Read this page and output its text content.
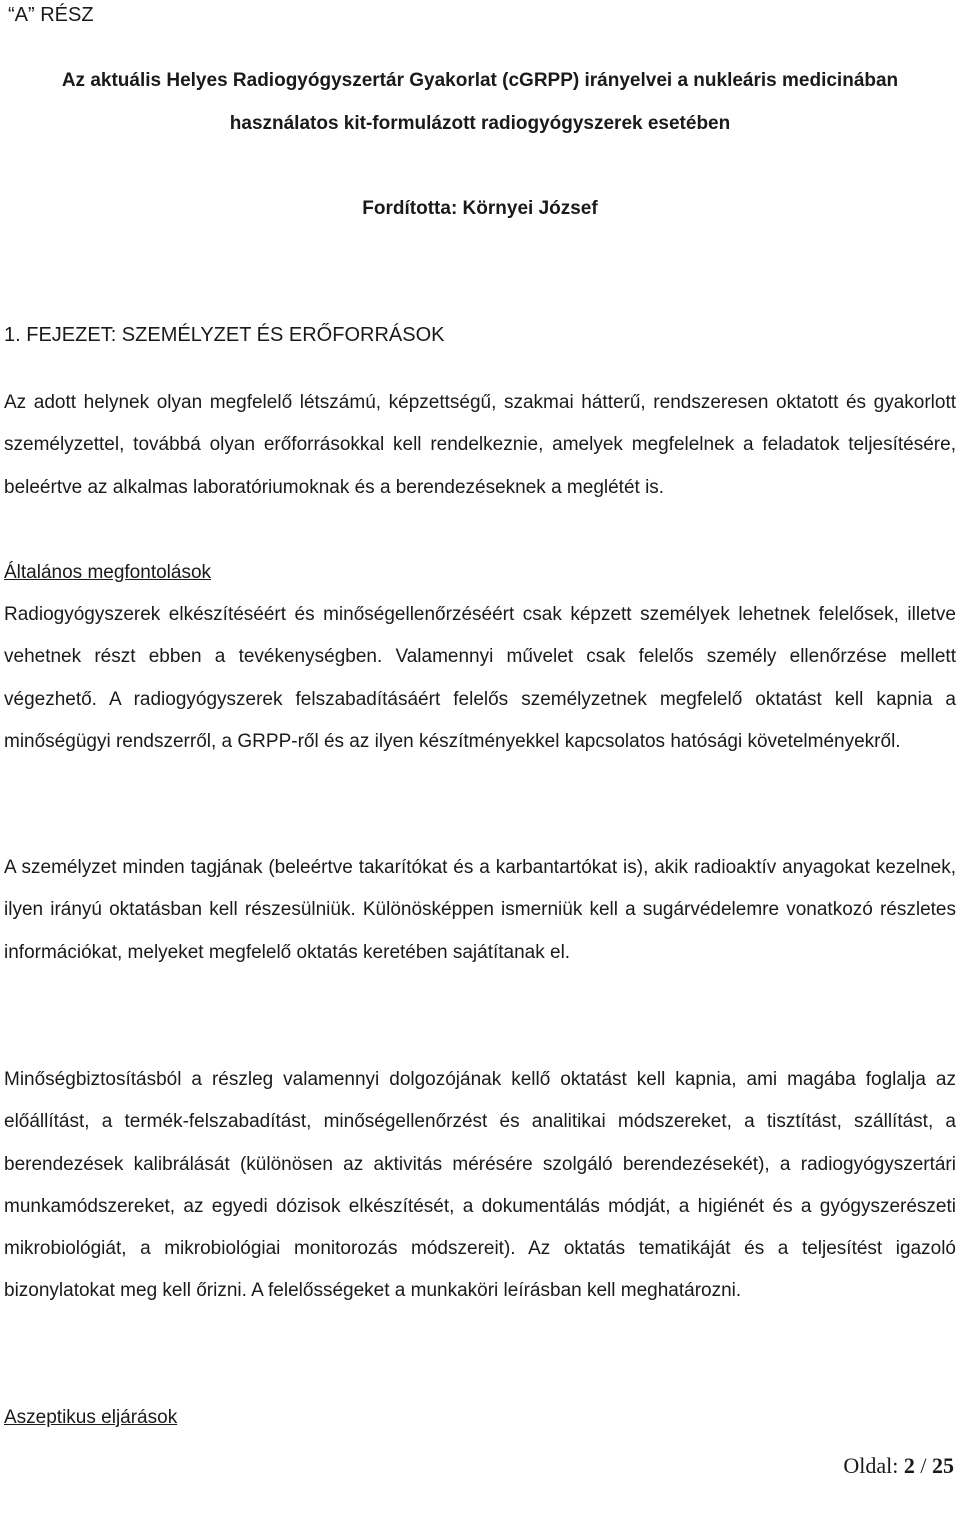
“A” RÉSZ
Az aktuális Helyes Radiogyógyszertár Gyakorlat (cGRPP) irányelvei a nukleáris medicinában
használatos kit-formulázott radiogyógyszerek esetében
Fordította: Környei József
1. FEJEZET: SZEMÉLYZET ÉS ERŐFORRÁSOK

Az adott helynek olyan megfelelő létszámú, képzettségű, szakmai hátterű, rendszeresen oktatott és gyakorlott személyzettel, továbbá olyan erőforrásokkal kell rendelkeznie, amelyek megfelelnek a feladatok teljesítésére, beleértve az alkalmas laboratóriumoknak és a berendezéseknek a meglétét is.

Általános megfontolások

Radiogyógyszerek elkészítéséért és minőségellenőrzéséért csak képzett személyek lehetnek felelősek, illetve vehetnek részt ebben a tevékenységben. Valamennyi művelet csak felelős személy ellenőrzése mellett végezhető. A radiogyógyszerek felszabadításáért felelős személyzetnek megfelelő oktatást kell kapnia a minőségügyi rendszerről, a GRPP-ről és az ilyen készítményekkel kapcsolatos hatósági követelményekről.

A személyzet minden tagjának (beleértve takarítókat és a karbantartókat is), akik radioaktív anyagokat kezelnek, ilyen irányú oktatásban kell részesülniük. Különösképpen ismerniük kell a sugárvédelemre vonatkozó részletes információkat, melyeket megfelelő oktatás keretében sajátítanak el.

Minőségbiztosításból a részleg valamennyi dolgozójának kellő oktatást kell kapnia, ami magába foglalja az előállítást, a termék-felszabadítást, minőségellenőrzést és analitikai módszereket, a tisztítást, szállítást, a berendezések kalibrálását (különösen az aktivitás mérésére szolgáló berendezésekét), a radiogyógyszertári munkamódszereket, az egyedi dózisok elkészítését, a dokumentálás módját, a higiénét és a gyógyszerészeti mikrobiológiát, a mikrobiológiai monitorozás módszereit). Az oktatás tematikáját és a teljesítést igazoló bizonylatokat meg kell őrizni. A felelősségeket a munkaköri leírásban kell meghatározni.

Aszeptikus eljárások
Oldal: 2 / 25
